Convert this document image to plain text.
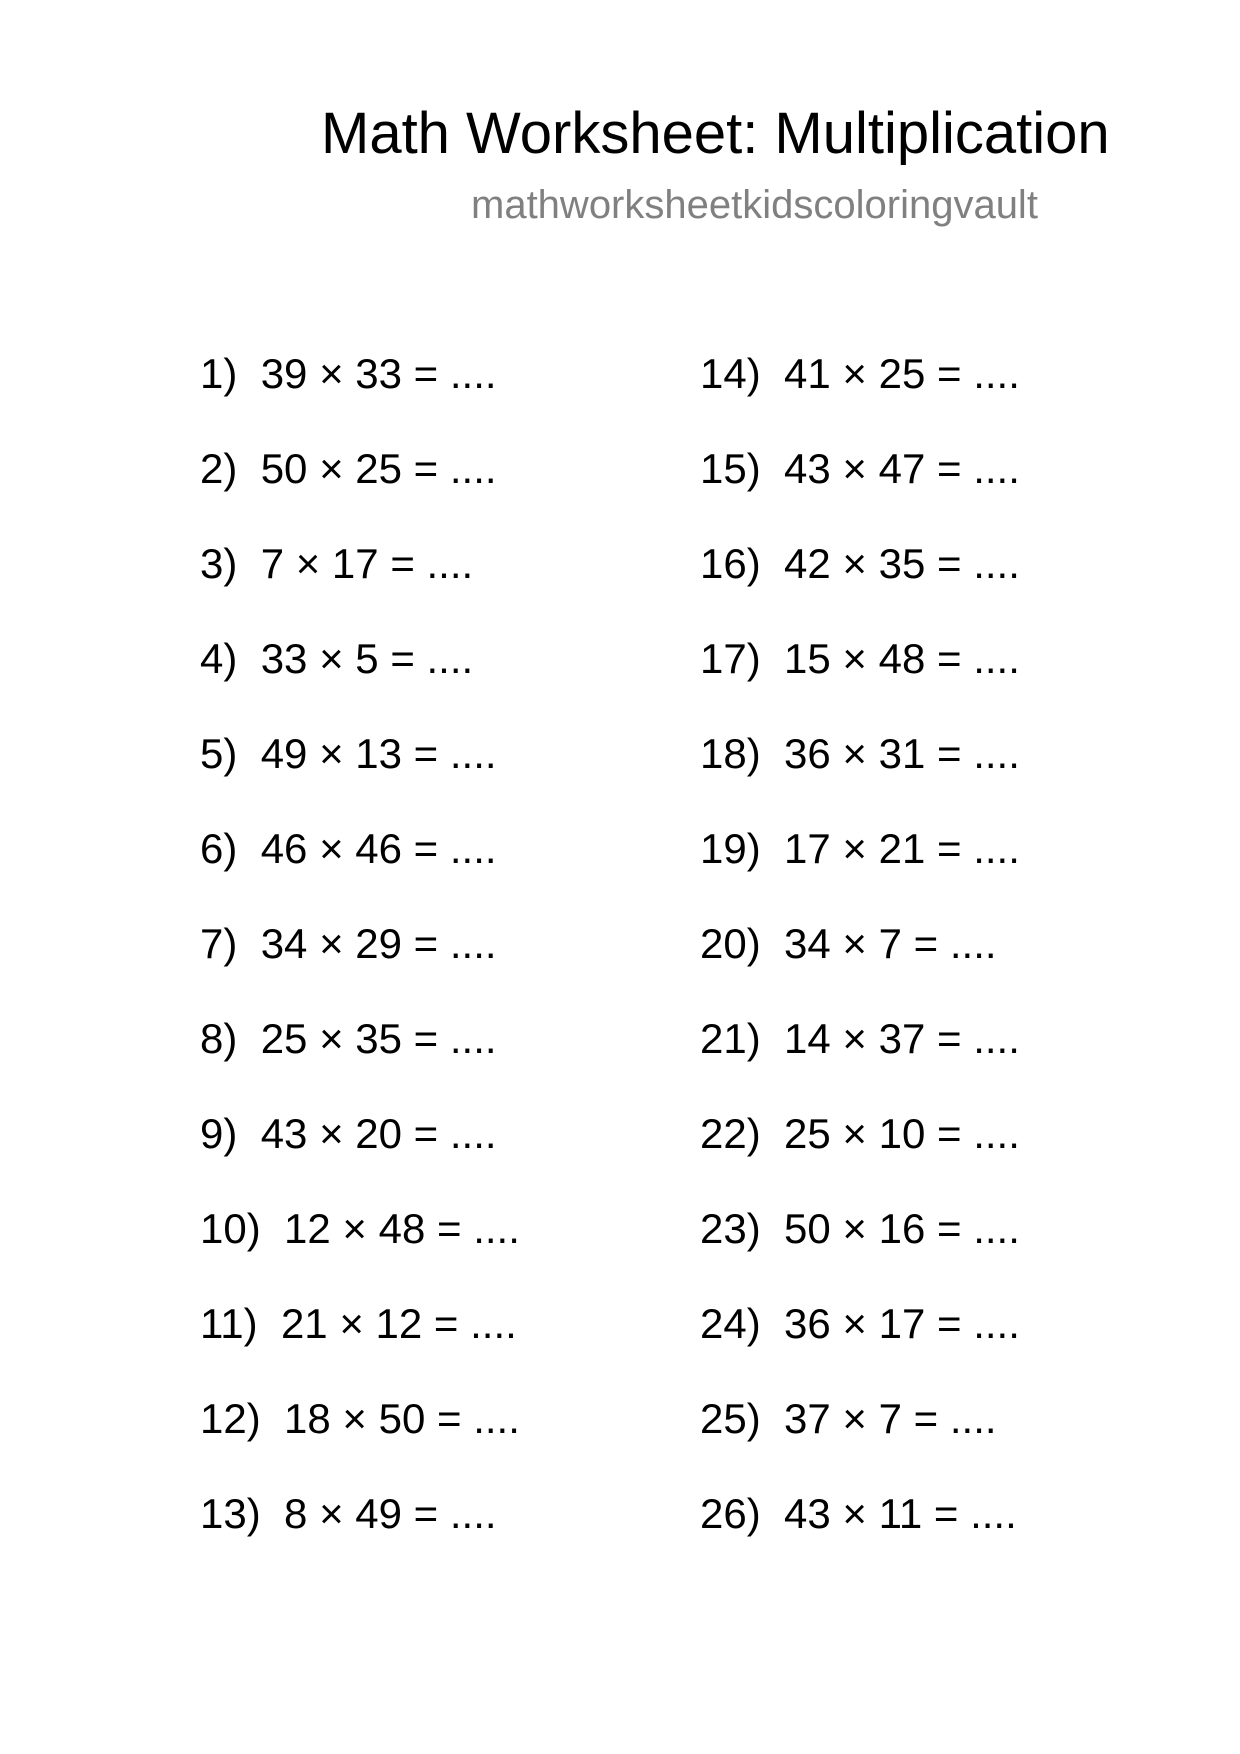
Math Worksheet: Multiplication
mathworksheetkidscoloringvault
1) 39 × 33 = ....
2) 50 × 25 = ....
3) 7 × 17 = ....
4) 33 × 5 = ....
5) 49 × 13 = ....
6) 46 × 46 = ....
7) 34 × 29 = ....
8) 25 × 35 = ....
9) 43 × 20 = ....
10) 12 × 48 = ....
11) 21 × 12 = ....
12) 18 × 50 = ....
13) 8 × 49 = ....
14) 41 × 25 = ....
15) 43 × 47 = ....
16) 42 × 35 = ....
17) 15 × 48 = ....
18) 36 × 31 = ....
19) 17 × 21 = ....
20) 34 × 7 = ....
21) 14 × 37 = ....
22) 25 × 10 = ....
23) 50 × 16 = ....
24) 36 × 17 = ....
25) 37 × 7 = ....
26) 43 × 11 = ....
